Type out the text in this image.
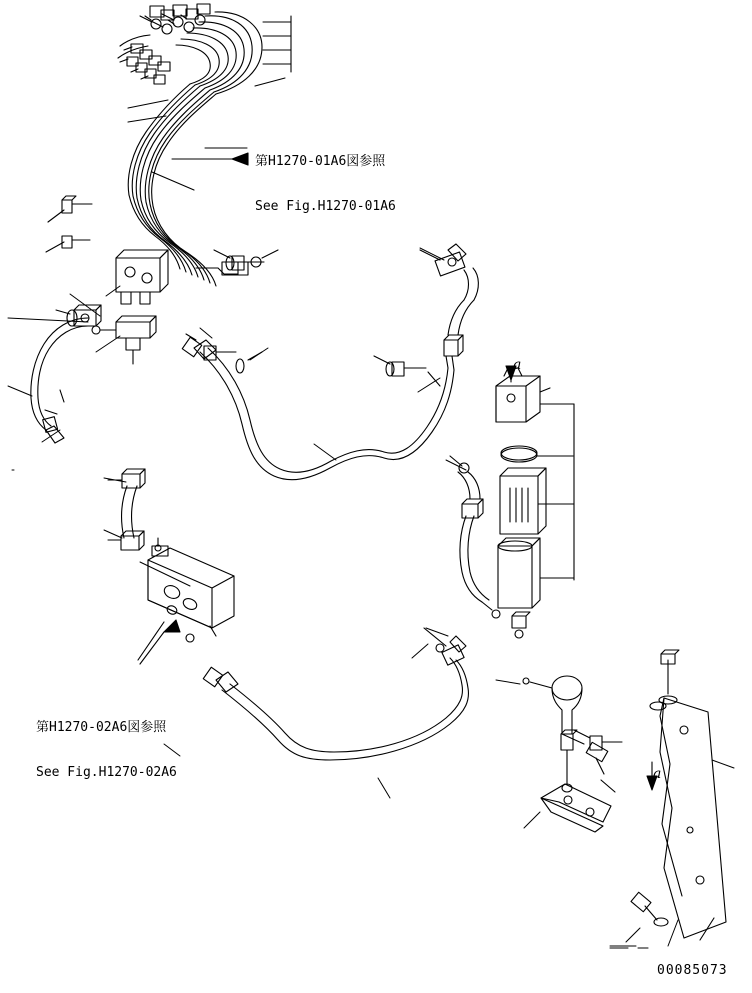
第H1270-01A6図参照

See Fig.H1270-01A6

第H1270-02A6図参照

See Fig.H1270-02A6

a
a
00085073
